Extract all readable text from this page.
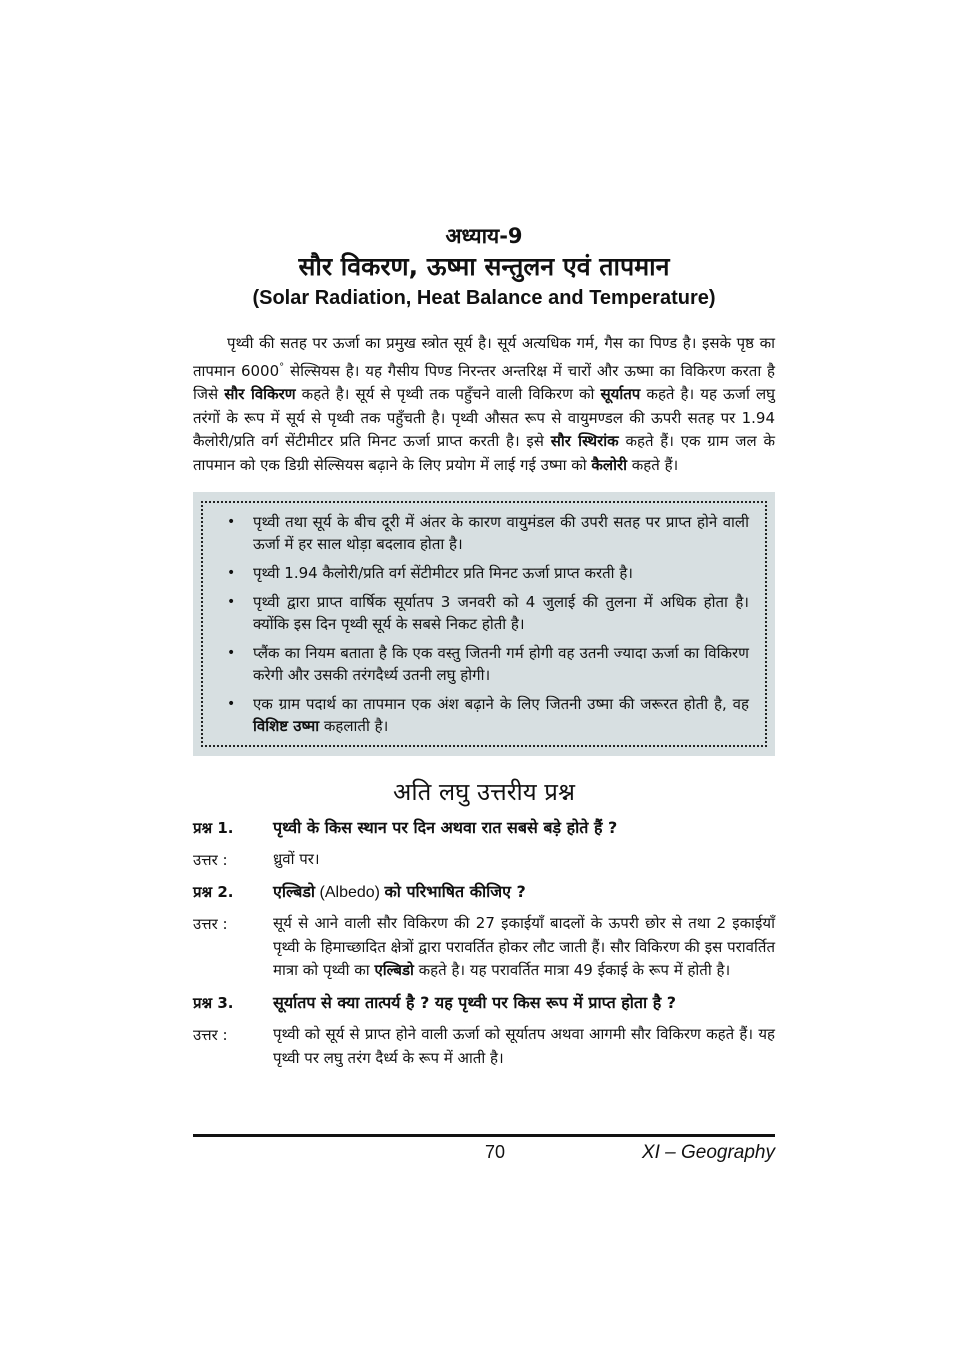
अध्याय-9
सौर विकरण, ऊष्मा सन्तुलन एवं तापमान
(Solar Radiation, Heat Balance and Temperature)

पृथ्वी की सतह पर ऊर्जा का प्रमुख स्त्रोत सूर्य है। सूर्य अत्यधिक गर्म, गैस का पिण्ड है। इसके पृष्ठ का तापमान 6000° सेल्सियस है। यह गैसीय पिण्ड निरन्तर अन्तरिक्ष में चारों और ऊष्मा का विकिरण करता है जिसे सौर विकिरण कहते है। सूर्य से पृथ्वी तक पहुँचने वाली विकिरण को सूर्यातप कहते है। यह ऊर्जा लघु तरंगों के रूप में सूर्य से पृथ्वी तक पहुँचती है। पृथ्वी औसत रूप से वायुमण्डल की ऊपरी सतह पर 1.94 कैलोरी/प्रति वर्ग सेंटीमीटर प्रति मिनट ऊर्जा प्राप्त करती है। इसे सौर स्थिरांक कहते हैं। एक ग्राम जल के तापमान को एक डिग्री सेल्सियस बढ़ाने के लिए प्रयोग में लाई गई उष्मा को कैलोरी कहते हैं।

• पृथ्वी तथा सूर्य के बीच दूरी में अंतर के कारण वायुमंडल की उपरी सतह पर प्राप्त होने वाली ऊर्जा में हर साल थोड़ा बदलाव होता है।
• पृथ्वी 1.94 कैलोरी/प्रति वर्ग सेंटीमीटर प्रति मिनट ऊर्जा प्राप्त करती है।
• पृथ्वी द्वारा प्राप्त वार्षिक सूर्यातप 3 जनवरी को 4 जुलाई की तुलना में अधिक होता है। क्योंकि इस दिन पृथ्वी सूर्य के सबसे निकट होती है।
• प्लैंक का नियम बताता है कि एक वस्तु जितनी गर्म होगी वह उतनी ज्यादा ऊर्जा का विकिरण करेगी और उसकी तरंगदैर्ध्य उतनी लघु होगी।
• एक ग्राम पदार्थ का तापमान एक अंश बढ़ाने के लिए जितनी उष्मा की जरूरत होती है, वह विशिष्ट उष्मा कहलाती है।
अति लघु उत्तरीय प्रश्न
प्रश्न 1.	पृथ्वी के किस स्थान पर दिन अथवा रात सबसे बड़े होते हैं ?
उत्तर :	ध्रुवों पर।
प्रश्न 2.	एल्बिडो (Albedo) को परिभाषित कीजिए ?
उत्तर :	सूर्य से आने वाली सौर विकिरण की 27 इकाईयाँ बादलों के ऊपरी छोर से तथा 2 इकाईयाँ पृथ्वी के हिमाच्छादित क्षेत्रों द्वारा परावर्तित होकर लौट जाती हैं। सौर विकिरण की इस परावर्तित मात्रा को पृथ्वी का एल्बिडो कहते है। यह परावर्तित मात्रा 49 ईकाई के रूप में होती है।
प्रश्न 3.	सूर्यातप से क्या तात्पर्य है ? यह पृथ्वी पर किस रूप में प्राप्त होता है ?
उत्तर :	पृथ्वी को सूर्य से प्राप्त होने वाली ऊर्जा को सूर्यातप अथवा आगमी सौर विकिरण कहते हैं। यह पृथ्वी पर लघु तरंग दैर्ध्य के रूप में आती है।
70	XI – Geography
